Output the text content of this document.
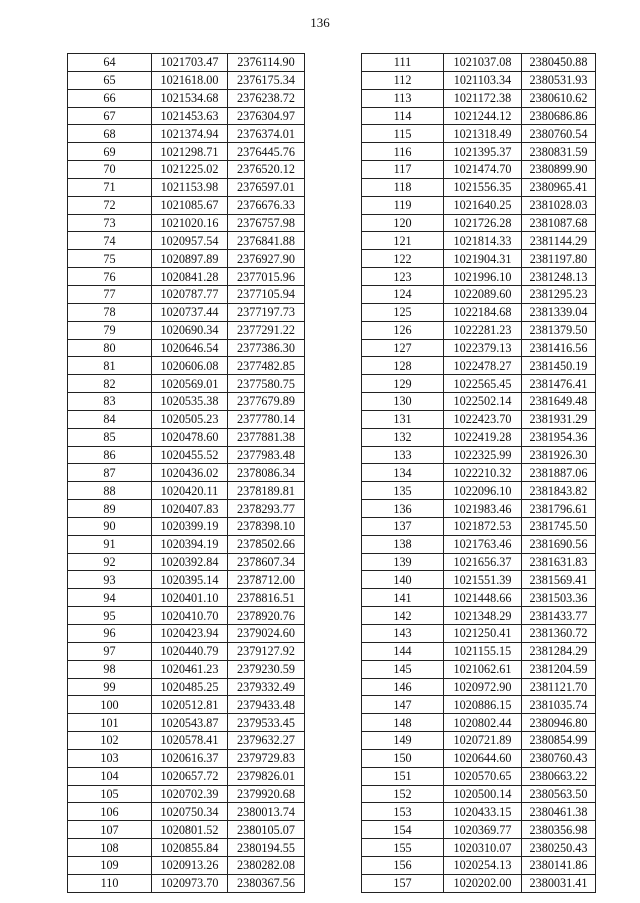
136
64	1021703.47	2376114.90
65	1021618.00	2376175.34
66	1021534.68	2376238.72
67	1021453.63	2376304.97
68	1021374.94	2376374.01
69	1021298.71	2376445.76
70	1021225.02	2376520.12
71	1021153.98	2376597.01
72	1021085.67	2376676.33
73	1021020.16	2376757.98
74	1020957.54	2376841.88
75	1020897.89	2376927.90
76	1020841.28	2377015.96
77	1020787.77	2377105.94
78	1020737.44	2377197.73
79	1020690.34	2377291.22
80	1020646.54	2377386.30
81	1020606.08	2377482.85
82	1020569.01	2377580.75
83	1020535.38	2377679.89
84	1020505.23	2377780.14
85	1020478.60	2377881.38
86	1020455.52	2377983.48
87	1020436.02	2378086.34
88	1020420.11	2378189.81
89	1020407.83	2378293.77
90	1020399.19	2378398.10
91	1020394.19	2378502.66
92	1020392.84	2378607.34
93	1020395.14	2378712.00
94	1020401.10	2378816.51
95	1020410.70	2378920.76
96	1020423.94	2379024.60
97	1020440.79	2379127.92
98	1020461.23	2379230.59
99	1020485.25	2379332.49
100	1020512.81	2379433.48
101	1020543.87	2379533.45
102	1020578.41	2379632.27
103	1020616.37	2379729.83
104	1020657.72	2379826.01
105	1020702.39	2379920.68
106	1020750.34	2380013.74
107	1020801.52	2380105.07
108	1020855.84	2380194.55
109	1020913.26	2380282.08
110	1020973.70	2380367.56
111	1021037.08	2380450.88
112	1021103.34	2380531.93
113	1021172.38	2380610.62
114	1021244.12	2380686.86
115	1021318.49	2380760.54
116	1021395.37	2380831.59
117	1021474.70	2380899.90
118	1021556.35	2380965.41
119	1021640.25	2381028.03
120	1021726.28	2381087.68
121	1021814.33	2381144.29
122	1021904.31	2381197.80
123	1021996.10	2381248.13
124	1022089.60	2381295.23
125	1022184.68	2381339.04
126	1022281.23	2381379.50
127	1022379.13	2381416.56
128	1022478.27	2381450.19
129	1022565.45	2381476.41
130	1022502.14	2381649.48
131	1022423.70	2381931.29
132	1022419.28	2381954.36
133	1022325.99	2381926.30
134	1022210.32	2381887.06
135	1022096.10	2381843.82
136	1021983.46	2381796.61
137	1021872.53	2381745.50
138	1021763.46	2381690.56
139	1021656.37	2381631.83
140	1021551.39	2381569.41
141	1021448.66	2381503.36
142	1021348.29	2381433.77
143	1021250.41	2381360.72
144	1021155.15	2381284.29
145	1021062.61	2381204.59
146	1020972.90	2381121.70
147	1020886.15	2381035.74
148	1020802.44	2380946.80
149	1020721.89	2380854.99
150	1020644.60	2380760.43
151	1020570.65	2380663.22
152	1020500.14	2380563.50
153	1020433.15	2380461.38
154	1020369.77	2380356.98
155	1020310.07	2380250.43
156	1020254.13	2380141.86
157	1020202.00	2380031.41
